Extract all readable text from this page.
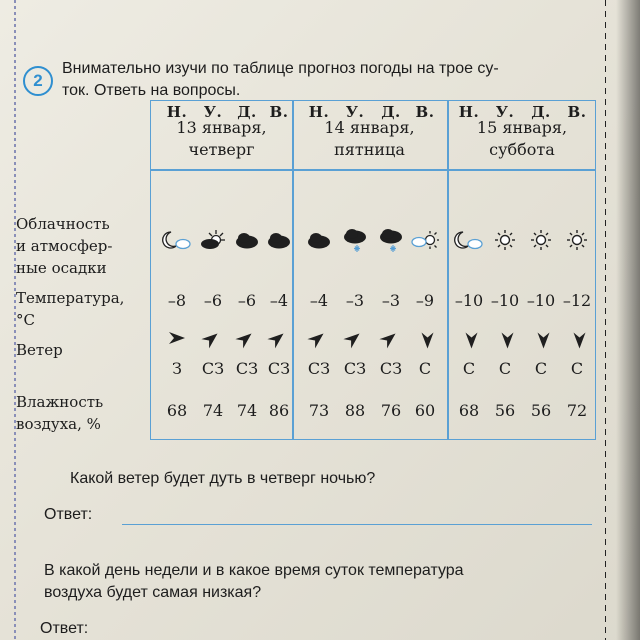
2
Внимательно изучи по таблице прогноз погоды на трое су-
ток. Ответь на вопросы.
Облачность
и атмосфер-
ные осадки
Температура,
°С
Ветер
Влажность
воздуха, %
13 января,
четверг
14 января,
пятница
15 января,
суббота
Н.
–8
З
68
У.
–6
СЗ
74
Д.
–6
СЗ
74
В.
–4
СЗ
86
Н.
–4
СЗ
73
У.
–3
СЗ
88
Д.
–3
СЗ
76
В.
–9
С
60
Н.
–10
С
68
У.
–10
С
56
Д.
–10
С
56
В.
–12
С
72
Какой ветер будет дуть в четверг ночью?
Ответ:
В какой день недели и в какое время суток температура
воздуха будет самая низкая?
Ответ:
